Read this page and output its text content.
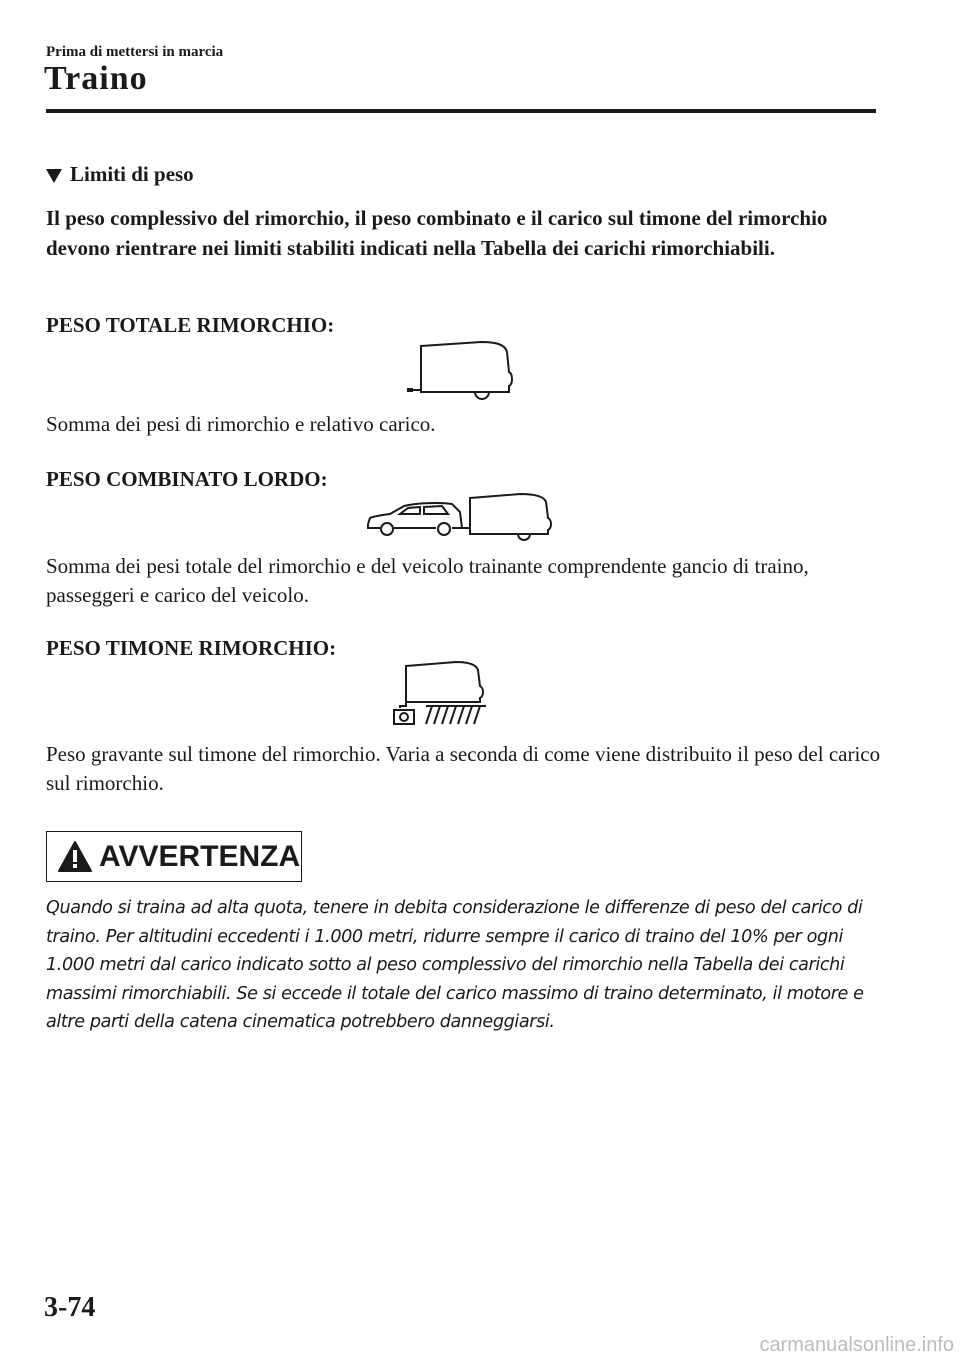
Prima di mettersi in marcia
Traino
Limiti di peso
Il peso complessivo del rimorchio, il peso combinato e il carico sul timone del rimorchio devono rientrare nei limiti stabiliti indicati nella Tabella dei carichi rimorchiabili.
PESO TOTALE RIMORCHIO:
Somma dei pesi di rimorchio e relativo carico.
PESO COMBINATO LORDO:
Somma dei pesi totale del rimorchio e del veicolo trainante comprendente gancio di traino, passeggeri e carico del veicolo.
PESO TIMONE RIMORCHIO:
Peso gravante sul timone del rimorchio. Varia a seconda di come viene distribuito il peso del carico sul rimorchio.
AVVERTENZA
Quando si traina ad alta quota, tenere in debita considerazione le differenze di peso del carico di traino. Per altitudini eccedenti i 1.000 metri, ridurre sempre il carico di traino del 10% per ogni 1.000 metri dal carico indicato sotto al peso complessivo del rimorchio nella Tabella dei carichi massimi rimorchiabili. Se si eccede il totale del carico massimo di traino determinato, il motore e altre parti della catena cinematica potrebbero danneggiarsi.
3-74
carmanualsonline.info
